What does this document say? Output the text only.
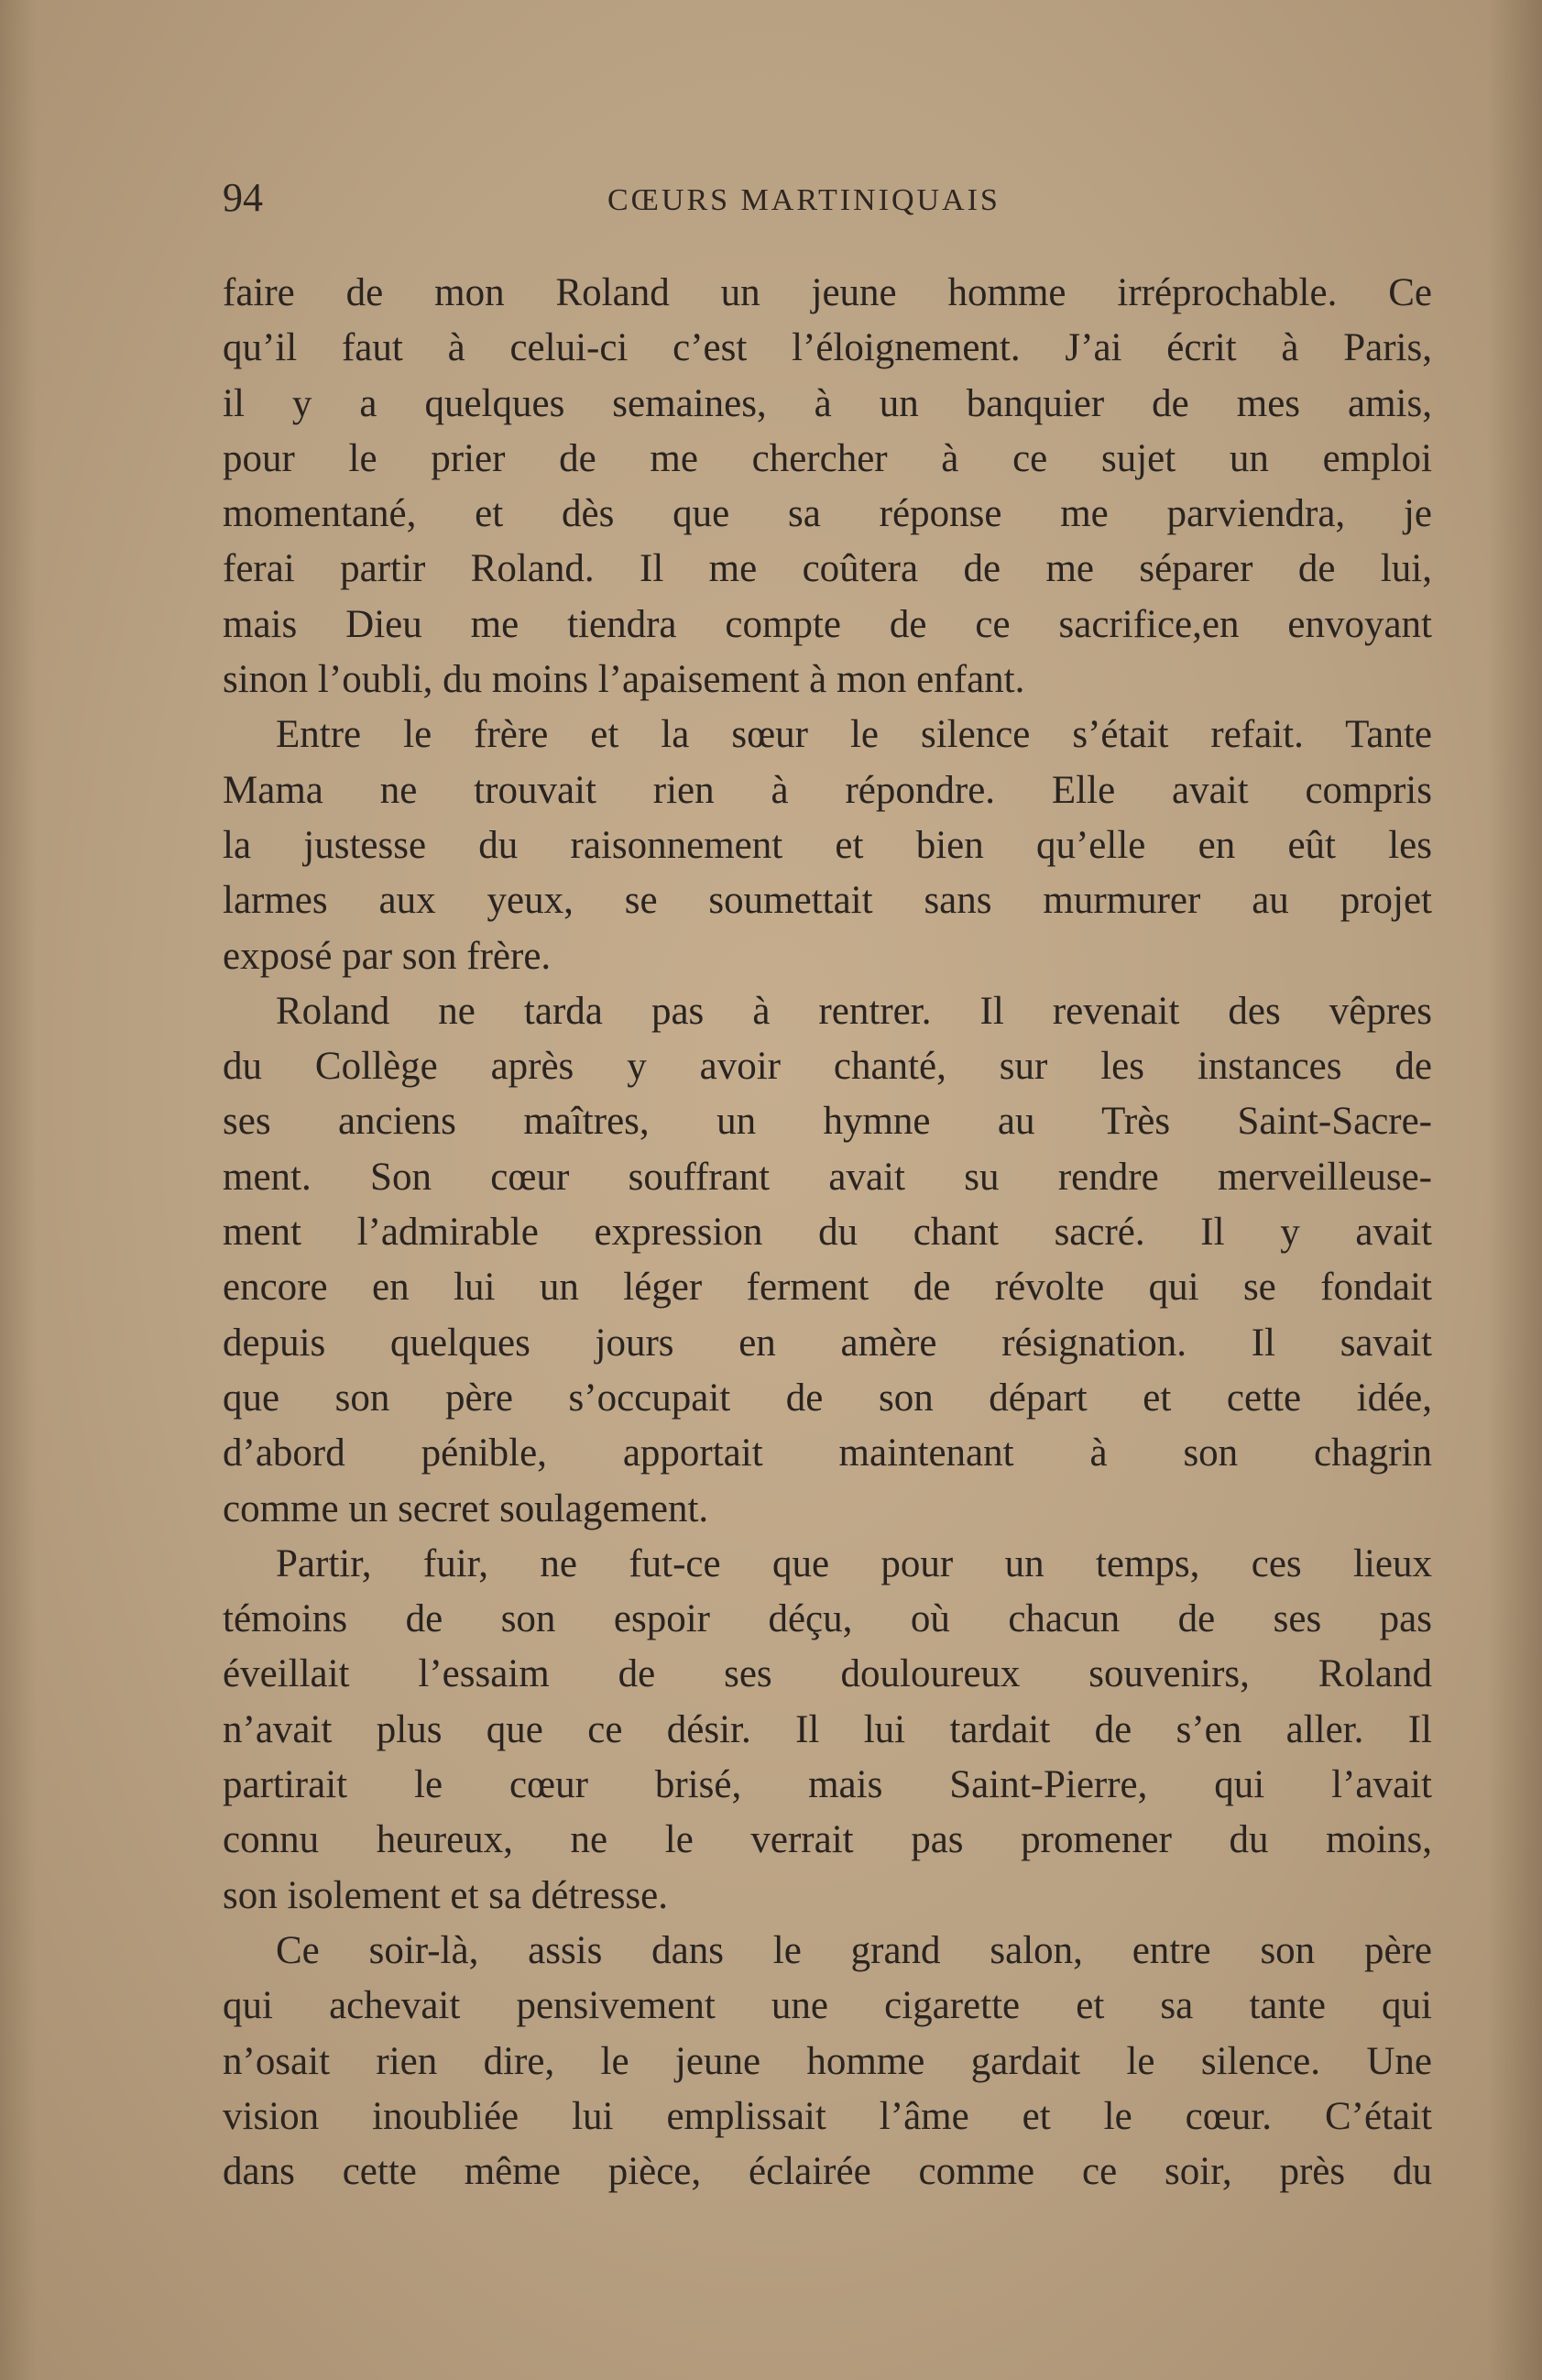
94	CŒURS MARTINIQUAIS
faire de mon Roland un jeune homme irréprochable. Ce
qu’il faut à celui-ci c’est l’éloignement. J’ai écrit à Paris,
il y a quelques semaines, à un banquier de mes amis,
pour le prier de me chercher à ce sujet un emploi
momentané, et dès que sa réponse me parviendra, je
ferai partir Roland. Il me coûtera de me séparer de lui,
mais Dieu me tiendra compte de ce sacrifice,en envoyant
sinon l’oubli, du moins l’apaisement à mon enfant.
Entre le frère et la sœur le silence s’était refait. Tante
Mama ne trouvait rien à répondre. Elle avait compris
la justesse du raisonnement et bien qu’elle en eût les
larmes aux yeux, se soumettait sans murmurer au projet
exposé par son frère.
Roland ne tarda pas à rentrer. Il revenait des vêpres
du Collège après y avoir chanté, sur les instances de
ses anciens maîtres, un hymne au Très Saint-Sacre-
ment. Son cœur souffrant avait su rendre merveilleuse-
ment l’admirable expression du chant sacré. Il y avait
encore en lui un léger ferment de révolte qui se fondait
depuis quelques jours en amère résignation. Il savait
que son père s’occupait de son départ et cette idée,
d’abord pénible, apportait maintenant à son chagrin
comme un secret soulagement.
Partir, fuir, ne fut-ce que pour un temps, ces lieux
témoins de son espoir déçu, où chacun de ses pas
éveillait l’essaim de ses douloureux souvenirs, Roland
n’avait plus que ce désir. Il lui tardait de s’en aller. Il
partirait le cœur brisé, mais Saint-Pierre, qui l’avait
connu heureux, ne le verrait pas promener du moins,
son isolement et sa détresse.
Ce soir-là, assis dans le grand salon, entre son père
qui achevait pensivement une cigarette et sa tante qui
n’osait rien dire, le jeune homme gardait le silence. Une
vision inoubliée lui emplissait l’âme et le cœur. C’était
dans cette même pièce, éclairée comme ce soir, près du
